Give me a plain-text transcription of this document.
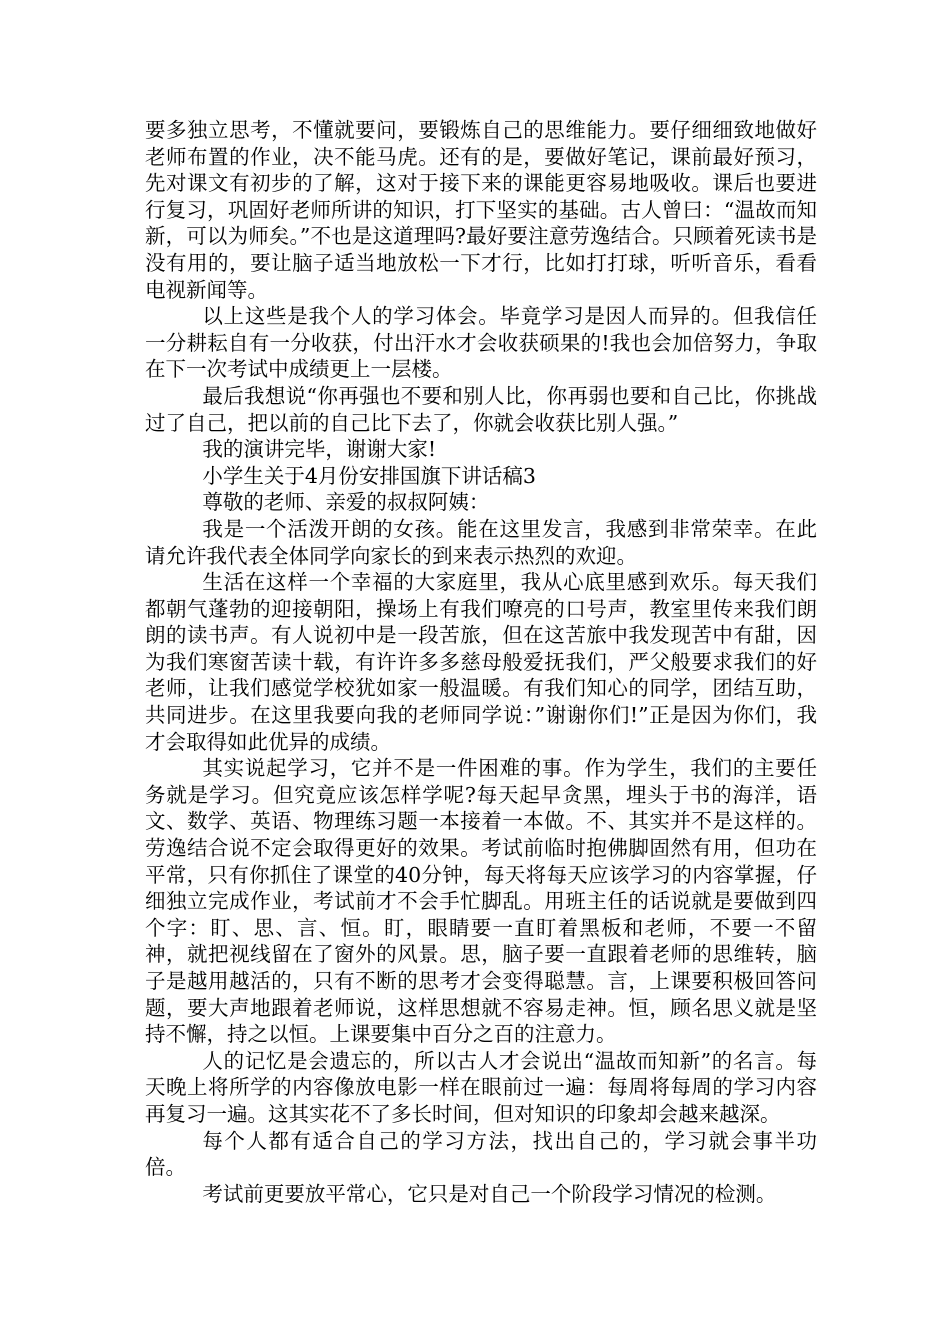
要多独立思考，不懂就要问，要锻炼自己的思维能力。要仔细细致地做好老师布置的作业，决不能马虎。还有的是，要做好笔记，课前最好预习，先对课文有初步的了解，这对于接下来的课能更容易地吸收。课后也要进行复习，巩固好老师所讲的知识，打下坚实的基础。古人曾曰：“温故而知新，可以为师矣。”不也是这道理吗?最好要注意劳逸结合。只顾着死读书是没有用的，要让脑子适当地放松一下才行，比如打打球，听听音乐，看看电视新闻等。

以上这些是我个人的学习体会。毕竟学习是因人而异的。但我信任一分耕耘自有一分收获，付出汗水才会收获硕果的!我也会加倍努力，争取在下一次考试中成绩更上一层楼。

最后我想说“你再强也不要和别人比，你再弱也要和自己比，你挑战过了自己，把以前的自己比下去了，你就会收获比别人强。”

我的演讲完毕，谢谢大家!

小学生关于4月份安排国旗下讲话稿3

尊敬的老师、亲爱的叔叔阿姨：

我是一个活泼开朗的女孩。能在这里发言，我感到非常荣幸。在此请允许我代表全体同学向家长的到来表示热烈的欢迎。

生活在这样一个幸福的大家庭里，我从心底里感到欢乐。每天我们都朝气蓬勃的迎接朝阳，操场上有我们嘹亮的口号声，教室里传来我们朗朗的读书声。有人说初中是一段苦旅，但在这苦旅中我发现苦中有甜，因为我们寒窗苦读十载，有许许多多慈母般爱抚我们，严父般要求我们的好老师，让我们感觉学校犹如家一般温暖。有我们知心的同学，团结互助，共同进步。在这里我要向我的老师同学说：”谢谢你们!”正是因为你们，我才会取得如此优异的成绩。

其实说起学习，它并不是一件困难的事。作为学生，我们的主要任务就是学习。但究竟应该怎样学呢?每天起早贪黑，埋头于书的海洋，语文、数学、英语、物理练习题一本接着一本做。不、其实并不是这样的。劳逸结合说不定会取得更好的效果。考试前临时抱佛脚固然有用，但功在平常，只有你抓住了课堂的40分钟，每天将每天应该学习的内容掌握，仔细独立完成作业，考试前才不会手忙脚乱。用班主任的话说就是要做到四个字：盯、思、言、恒。盯，眼睛要一直盯着黑板和老师，不要一不留神，就把视线留在了窗外的风景。思，脑子要一直跟着老师的思维转，脑子是越用越活的，只有不断的思考才会变得聪慧。言，上课要积极回答问题，要大声地跟着老师说，这样思想就不容易走神。恒，顾名思义就是坚持不懈，持之以恒。上课要集中百分之百的注意力。

人的记忆是会遗忘的，所以古人才会说出“温故而知新”的名言。每天晚上将所学的内容像放电影一样在眼前过一遍：每周将每周的学习内容再复习一遍。这其实花不了多长时间，但对知识的印象却会越来越深。

每个人都有适合自己的学习方法，找出自己的，学习就会事半功倍。

考试前更要放平常心，它只是对自己一个阶段学习情况的检测。
